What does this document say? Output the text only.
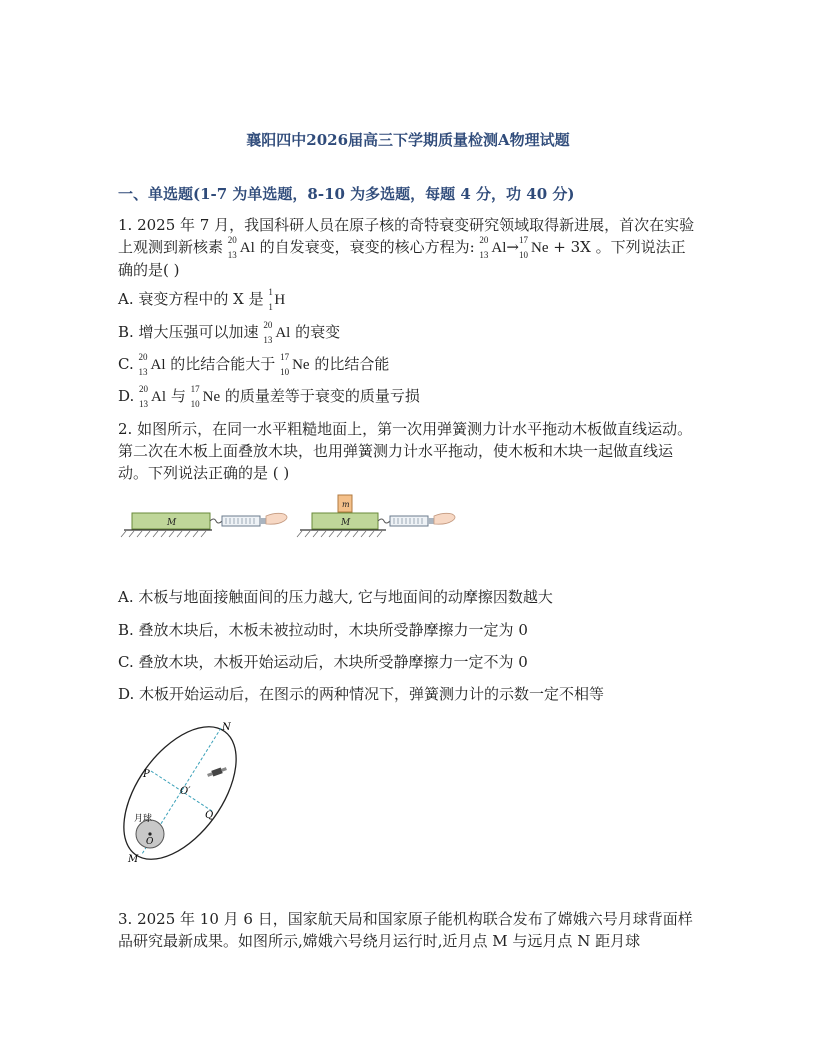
襄阳四中2026届高三下学期质量检测A物理试题
一、单选题(1-7 为单选题，8-10 为多选题，每题 4 分，功 40 分)
1. 2025 年 7 月，我国科研人员在原子核的奇特衰变研究领域取得新进展，首次在实验上观测到新核素 20
13 Al 的自发衰变，衰变的核心方程为: 20
13 Al→ 17
10 Ne + 3X 。下列说法正确的是( )
A. 衰变方程中的 X 是 1
1 H
B. 增大压强可以加速 20
13 Al 的衰变
C. 20
13 Al 的比结合能大于 17
10 Ne 的比结合能
D. 20
13 Al 与 17
10 Ne 的质量差等于衰变的质量亏损
2. 如图所示，在同一水平粗糙地面上，第一次用弹簧测力计水平拖动木板做直线运动。第二次在木板上面叠放木块，也用弹簧测力计水平拖动，使木板和木块一起做直线运动。下列说法正确的是 ( )
M
m
M
A. 木板与地面接触面间的压力越大, 它与地面间的动摩擦因数越大
B. 叠放木块后，木板未被拉动时，木块所受静摩擦力一定为 0
C. 叠放木块，木板开始运动后，木块所受静摩擦力一定不为 0
D. 木板开始运动后，在图示的两种情况下，弹簧测力计的示数一定不相等
N
P
Q
M
O′
O
月球
3. 2025 年 10 月 6 日，国家航天局和国家原子能机构联合发布了嫦娥六号月球背面样品研究最新成果。如图所示,嫦娥六号绕月运行时,近月点 M 与远月点 N 距月球
